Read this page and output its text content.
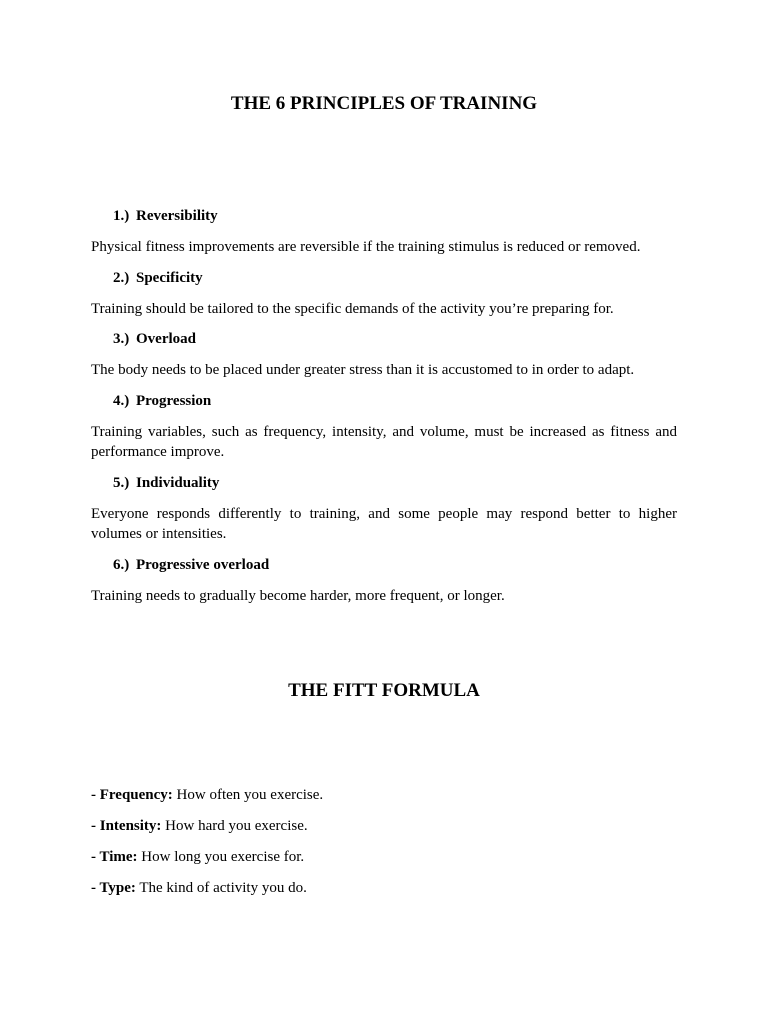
THE 6 PRINCIPLES OF TRAINING
1.) Reversibility

Physical fitness improvements are reversible if the training stimulus is reduced or removed.

2.) Specificity

Training should be tailored to the specific demands of the activity you’re preparing for.

3.) Overload

The body needs to be placed under greater stress than it is accustomed to in order to adapt.

4.) Progression

Training variables, such as frequency, intensity, and volume, must be increased as fitness and performance improve.

5.) Individuality

Everyone responds differently to training, and some people may respond better to higher volumes or intensities.

6.) Progressive overload

Training needs to gradually become harder, more frequent, or longer.

THE FITT FORMULA

- Frequency: How often you exercise.

- Intensity: How hard you exercise.

- Time: How long you exercise for.

- Type: The kind of activity you do.
